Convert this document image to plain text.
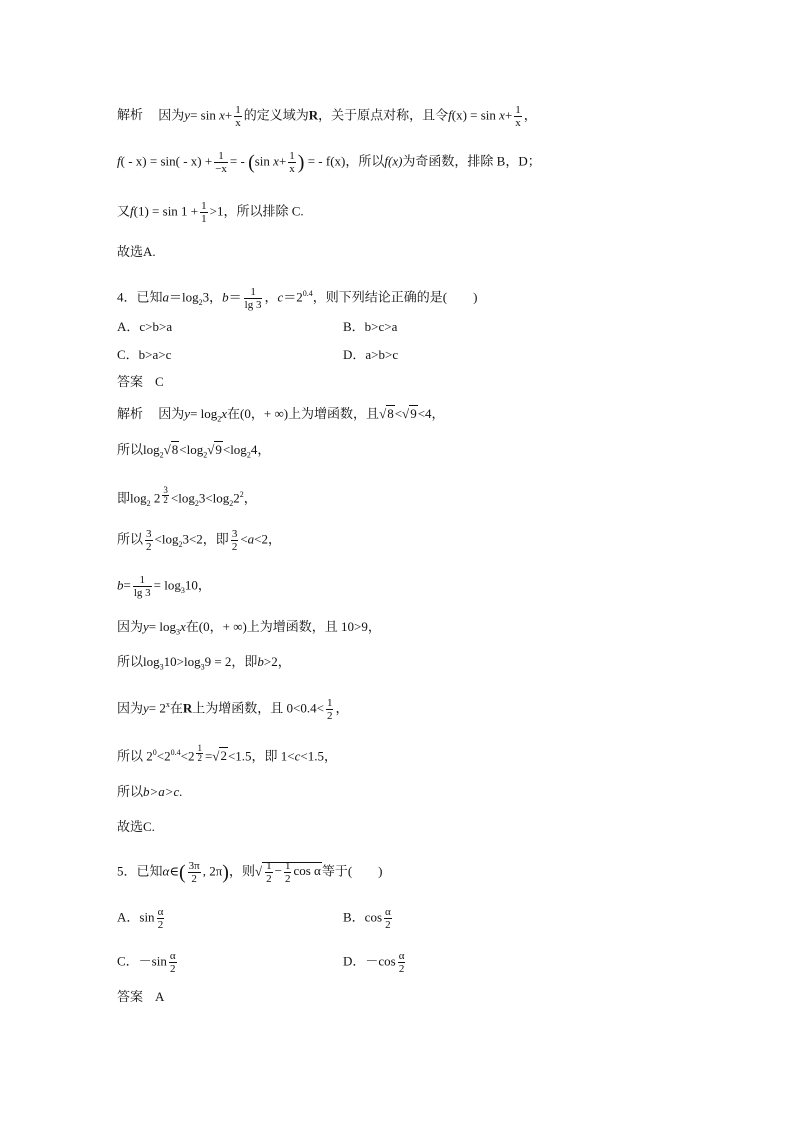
解析 因为$y= \sin x+ \frac{1}{x}$ 的定义域为R，关于原点对称，且令$f(x) = \sin x+ \frac{1}{x}$ ，
$f( - x) = \sin( - x) + \frac{1}{-x}$ = - (sin $x+ \frac{1}{x}$ ) = - f(x)，所以f(x)为奇函数，排除 B，D；
又$f(1) = \sin 1 + \frac{1}{1} >1$，所以排除 C.
故选A.
4．已知$a=\log_23$，$b= \frac{1}{\lg 3}$ ，$c=2^{0.4}$，则下列结论正确的是(　　)
A．c>b>a	B．b>c>a
C．b>a>c	D．a>b>c
答案 C
解析 因为$y= \log_2x$在(0，+ ∞)上为增函数，且√8<√9<4，
所以$\log_2√8<\log_2√9<\log_24$，
即$\log_2 2 \frac{3}{2} <\log_23<\log_22^2$，
所以 $\frac{3}{2} <\log_23<2$，即 $\frac{3}{2} <a<2$，
$b= \frac{1}{\lg 3} = \log_310$，
因为$y= \log_3x$在(0，+ ∞)上为增函数，且 10>9，
所以$\log_310>\log_39 = 2$，即b>2，
因为$y= 2^x$在R上为增函数，且 $0<0.4< \frac{1}{2}$ ，
所以 $2^0<2^{0.4}<2 \frac{1}{2} =√2<1.5$，即 1<c<1.5，
所以b>a>c.
故选C.
5．已知α∈( $\frac{3\pi}{2}$ , 2π)，则√ $\frac{1}{2} - \frac{1}{2}$ cos α等于(　　)
A．$\sin \frac{\alpha}{2}$	B．$\cos \frac{\alpha}{2}$
C．$-\sin \frac{\alpha}{2}$	D．$-\cos \frac{\alpha}{2}$
答案 A
